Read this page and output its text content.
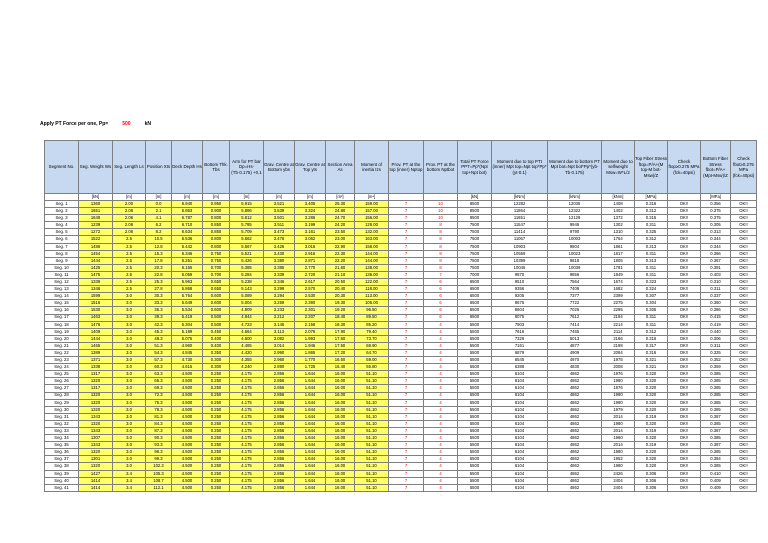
Apply PT Force per one, Pp=	500	kN

Segment No.	Seg. Weight Ws	Seg. Length Ls	Position Xts	Deck Depth Hs	Bottom Thk. Tbs	Arm for PT bar Dp=Hs-(Tb·0.175) +0.1	Grav. Centre at Bottom ybs	Grav. Centre at Top yts	Section Area As	Moment of inertia Izs	Prov. PT at the top (inner) Nptop	Prov. PT at the bottom Nptbot	Total PT Force PPT=Pp*(Npt top+Npt bot)	Moment due to top PTt (inner) Mpt top=Npt top*Pp*(yt-0.1)	Moment due to bottom PT Mpt bot=Npt bot*Pp*(yb-Tb·0.175)	Moment due to selfweight Msw=W*L/2	Top Fiber Stress ftop=P/A+(M top-M bot-Msw)/Z	Check ftop≥0.275 MPa (fck=40psi)	Bottom Fiber Stress fbot=P/A+(Mpt-Msw)/Z	Check fbot≥0.275 MPa (fck=40psi)
	[kN]	[m]	[m]	[m]	[m]	[m]	[m]	[m]	[m²]	[m⁴]			[kN]	[kNm]	[kNm]	[kNm]	[MPa]		[MPa]	
Seg. 1	1360	2.00	0.0	6.940	0.950	5.915	3.521	3.405	25.30	159.00	7	10	8500	12282	12035	1408	0.316	OK!!	0.356	OK!!
Seg. 2	1651	2.06	2.1	6.863	0.900	5.886	3.539	3.324	24.80	157.00	7	10	8500	11864	12322	1402	0.312	OK!!	0.375	OK!!
Seg. 3	1648	2.06	4.1	6.787	0.800	5.812	3.501	3.286	24.70	156.00	7	10	8500	11651	12129	1372	0.315	OK!!	0.375	OK!!
Seg. 4	1239	2.06	6.2	6.710	0.850	5.785	3.511	3.199	24.20	126.00	7	8	7500	11547	9946	1302	0.311	OK!!	0.305	OK!!
Seg. 5	1272	2.06	8.2	6.634	0.850	5.709	3.473	3.161	23.50	132.00	7	8	7500	11414	9790	1310	0.325	OK!!	0.313	OK!!
Seg. 6	1522	2.5	10.5	6.536	0.800	5.662	3.476	3.062	23.00	163.00	7	8	7500	11067	10003	1764	0.312	OK!!	0.344	OK!!
Seg. 7	1486	2.5	12.8	6.442	0.800	5.567	3.426	3.016	22.90	158.00	7	8	7500	10903	9804	1861	0.313	OK!!	0.344	OK!!
Seg. 8	1454	2.5	15.3	6.346	0.750	5.521	3.430	2.916	22.30	144.00	7	8	7500	10559	10023	1817	0.311	OK!!	0.366	OK!!
Seg. 9	1444	2.5	17.8	6.251	0.750	5.426	3.380	2.871	22.20	144.00	7	8	7500	10399	9818	1805	0.313	OK!!	0.367	OK!!
Seg. 10	1425	2.5	20.3	6.155	0.700	5.385	3.385	2.770	21.60	138.00	7	8	7500	10045	10039	1781	0.311	OK!!	0.391	OK!!
Seg. 11	1475	2.5	22.8	6.059	0.700	5.284	3.339	2.720	21.10	136.00	7	7	7000	9870	9856	1849	0.311	OK!!	0.403	OK!!
Seg. 12	1339	2.5	25.3	5.963	0.650	5.238	3.346	2.617	20.50	122.00	7	6	6500	9510	7564	1674	0.323	OK!!	0.310	OK!!
Seg. 13	1346	2.5	27.8	5.868	0.650	5.143	3.299	2.570	20.40	118.00	7	6	6500	9356	7409	1682	0.324	OK!!	0.311	OK!!
Seg. 14	1599	3.0	30.3	5.764	0.600	5.089	3.294	2.530	20.30	113.00	7	6	6500	9205	7377	2399	0.307	OK!!	0.337	OK!!
Seg. 15	1516	3.0	33.3	5.649	0.600	5.004	3.259	2.390	19.30	105.00	7	6	6500	8675	7722	2275	0.304	OK!!	0.360	OK!!
Seg. 16	1530	3.0	36.3	5.534	0.600	4.909	3.233	2.301	19.20	96.50	7	6	6500	8604	7025	2295	0.305	OK!!	0.386	OK!!
Seg. 17	1463	3.0	39.3	5.419	0.500	4.844	3.212	2.207	18.40	89.50	7	6	6500	8075	7612	2194	0.311	OK!!	0.415	OK!!
Seg. 18	1476	3.0	42.3	5.304	0.500	4.723	3.146	2.158	18.30	85.20	7	4	5500	7903	7414	2214	0.311	OK!!	0.419	OK!!
Seg. 19	1409	3.0	45.3	5.189	0.450	4.664	3.113	2.076	17.90	79.40	7	4	5500	7616	7465	2114	0.312	OK!!	0.440	OK!!
Seg. 20	1444	3.0	48.3	5.075	0.400	4.600	3.082	1.993	17.60	73.70	7	4	5500	7326	5013	2166	0.316	OK!!	0.306	OK!!
Seg. 21	1465	3.0	51.3	4.960	0.400	4.485	3.014	1.946	17.50	69.90	7	4	5500	7161	4877	2198	0.317	OK!!	0.311	OK!!
Seg. 22	1389	3.0	54.3	4.845	0.350	4.420	2.990	1.865	17.20	64.70	7	4	5500	6879	4909	2084	0.316	OK!!	0.325	OK!!
Seg. 23	1371	3.0	57.3	4.730	0.300	4.355	2.960	1.770	16.50	59.00	7	4	5500	6545	4970	1975	0.321	OK!!	0.352	OK!!
Seg. 24	1338	3.0	60.3	4.615	0.300	4.240	2.890	1.725	16.40	55.80	7	4	5500	6388	4830	2008	0.321	OK!!	0.359	OK!!
Seg. 25	1317	3.0	63.3	4.500	0.250	4.175	2.856	1.644	16.00	51.10	7	4	5500	6104	4862	1976	0.320	OK!!	0.385	OK!!
Seg. 26	1320	3.0	66.3	4.500	0.250	4.175	2.856	1.644	16.00	51.10	7	4	5500	6104	4862	1980	0.320	OK!!	0.385	OK!!
Seg. 27	1317	3.0	69.3	4.500	0.250	4.175	2.856	1.644	16.00	51.10	7	4	5500	6104	4862	1976	0.320	OK!!	0.385	OK!!
Seg. 28	1320	3.0	72.3	4.500	0.250	4.175	2.856	1.644	16.00	51.10	7	4	5500	6104	4862	1980	0.320	OK!!	0.385	OK!!
Seg. 29	1320	3.0	75.3	4.500	0.250	4.175	2.856	1.644	16.00	51.10	7	4	5500	6104	4862	1980	0.320	OK!!	0.385	OK!!
Seg. 30	1320	3.0	78.3	4.500	0.250	4.175	2.856	1.644	16.00	51.10	7	4	5500	6104	4862	1979	0.320	OK!!	0.385	OK!!
Seg. 31	1343	3.0	81.3	4.500	0.250	4.175	2.856	1.644	16.00	51.10	7	4	5500	6104	4862	2014	0.319	OK!!	0.387	OK!!
Seg. 32	1320	3.0	84.3	4.500	0.250	4.175	2.856	1.644	16.00	51.10	7	4	5500	6104	4862	1980	0.320	OK!!	0.385	OK!!
Seg. 33	1343	3.0	87.3	4.500	0.250	4.175	2.856	1.644	16.00	51.10	7	4	5500	6104	4862	2014	0.319	OK!!	0.387	OK!!
Seg. 34	1307	3.0	90.3	4.500	0.250	4.175	2.856	1.644	16.00	51.10	7	4	5500	6104	4862	1960	0.320	OK!!	0.385	OK!!
Seg. 35	1343	3.0	93.3	4.500	0.250	4.175	2.856	1.644	16.00	51.10	7	4	5500	6104	4862	2014	0.319	OK!!	0.387	OK!!
Seg. 36	1320	3.0	96.3	4.500	0.250	4.175	2.856	1.644	16.00	51.10	7	4	5500	6104	4862	1980	0.320	OK!!	0.385	OK!!
Seg. 37	1301	3.0	99.3	4.500	0.250	4.175	2.856	1.644	16.00	51.10	7	4	5500	6104	4862	1952	0.320	OK!!	0.384	OK!!
Seg. 38	1320	3.0	102.3	4.500	0.250	4.175	2.856	1.644	16.00	51.10	7	4	5500	6104	4862	1980	0.320	OK!!	0.385	OK!!
Seg. 39	1427	3.4	105.3	4.500	0.250	4.175	2.856	1.644	16.00	51.10	7	4	5500	6104	4862	2426	0.306	OK!!	0.410	OK!!
Seg. 40	1414	3.4	108.7	4.500	0.250	4.175	2.856	1.644	16.00	51.10	7	4	5500	6104	4862	2404	0.306	OK!!	0.409	OK!!
Seg. 41	1414	3.4	112.1	4.500	0.250	4.175	2.856	1.644	16.00	51.10	7	4	5500	6104	4862	2404	0.306	OK!!	0.409	OK!!
